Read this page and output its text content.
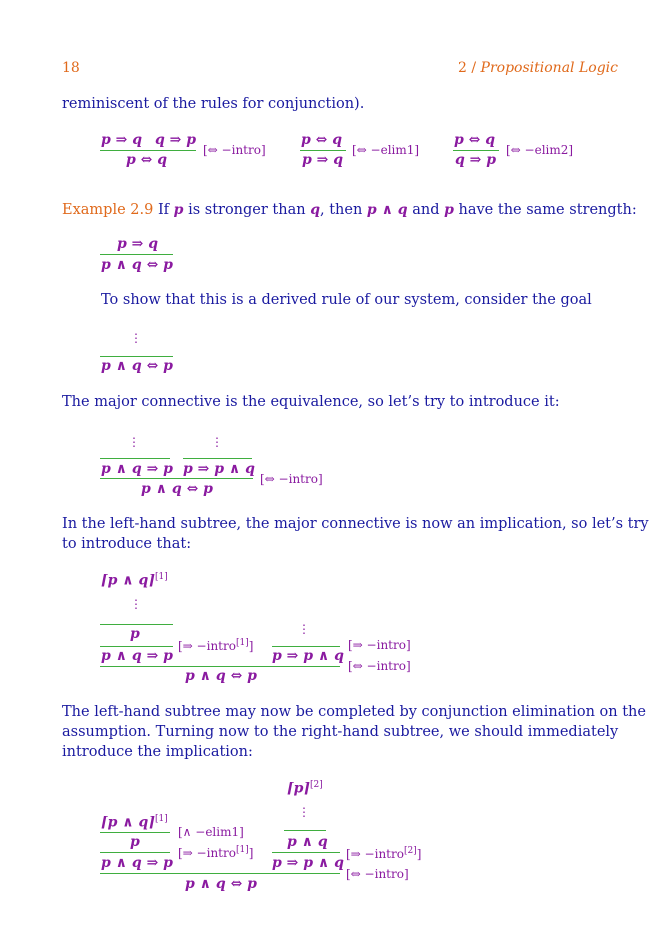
18	2 / Propositional Logic
reminiscent of the rules for conjunction).
p ⇒ q q ⇒ p
p ⇔ q
[⇔ −intro]
p ⇔ q
p ⇒ q
[⇔ −elim1]
p ⇔ q
q ⇒ p
[⇔ −elim2]
Example 2.9 If p is stronger than q, then p ∧ q and p have the same strength:
p ⇒ q
p ∧ q ⇔ p
To show that this is a derived rule of our system, consider the goal
⋮
p ∧ q ⇔ p
The major connective is the equivalence, so let’s try to introduce it:
⋮	⋮
p ∧ q ⇒ p p ⇒ p ∧ q
p ∧ q ⇔ p
[⇔ −intro]
In the left-hand subtree, the major connective is now an implication, so let’s try
to introduce that:
⌈p ∧ q⌉[1]
⋮
p	⋮
p ∧ q ⇒ p
[⇒ −intro[1]]
p ⇒ p ∧ q
[⇒ −intro]
p ∧ q ⇔ p
[⇔ −intro]
The left-hand subtree may now be completed by conjunction elimination on the
assumption. Turning now to the right-hand subtree, we should immediately
introduce the implication:
⌈p⌉[2]
⋮
⌈p ∧ q⌉[1]
[∧ −elim1]
p ∧ q
p
p ∧ q ⇒ p
[⇒ −intro[1]]
p ⇒ p ∧ q
[⇒ −intro[2]]
p ∧ q ⇔ p
[⇔ −intro]
